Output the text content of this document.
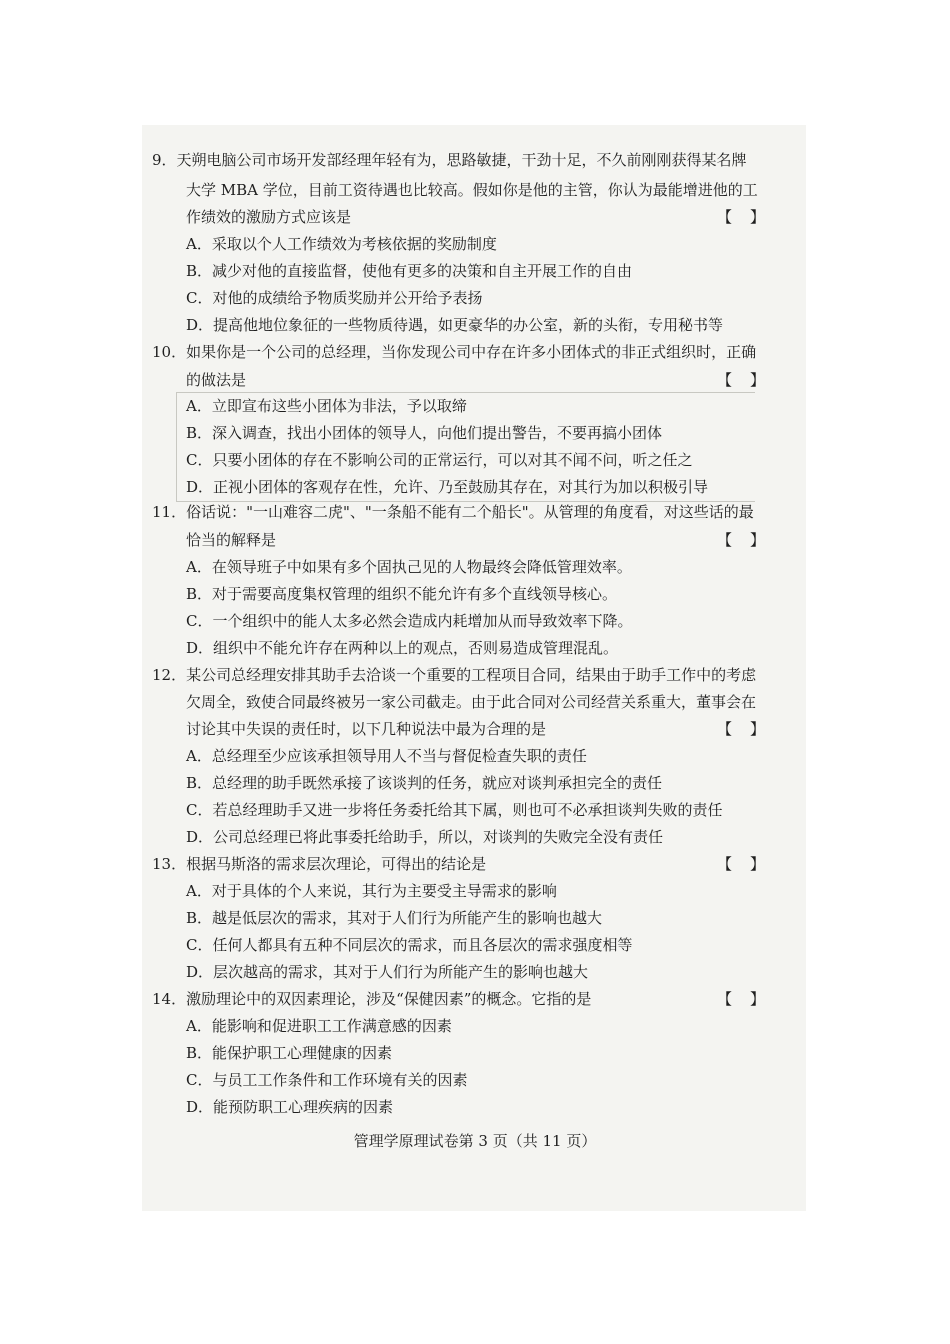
9．天朔电脑公司市场开发部经理年轻有为，思路敏捷，干劲十足，不久前刚刚获得某名牌
大学 MBA 学位，目前工资待遇也比较高。假如你是他的主管，你认为最能增进他的工
作绩效的激励方式应该是	【】
A．采取以个人工作绩效为考核依据的奖励制度
B．减少对他的直接监督，使他有更多的决策和自主开展工作的自由
C．对他的成绩给予物质奖励并公开给予表扬
D．提高他地位象征的一些物质待遇，如更豪华的办公室，新的头衔，专用秘书等
10．如果你是一个公司的总经理，当你发现公司中存在许多小团体式的非正式组织时，正确
的做法是	【】
A．立即宣布这些小团体为非法，予以取缔
B．深入调查，找出小团体的领导人，向他们提出警告，不要再搞小团体
C．只要小团体的存在不影响公司的正常运行，可以对其不闻不问，听之任之
D．正视小团体的客观存在性，允许、乃至鼓励其存在，对其行为加以积极引导
11．俗话说："一山难容二虎"、"一条船不能有二个船长"。从管理的角度看，对这些话的最
恰当的解释是	【】
A．在领导班子中如果有多个固执己见的人物最终会降低管理效率。
B．对于需要高度集权管理的组织不能允许有多个直线领导核心。
C．一个组织中的能人太多必然会造成内耗增加从而导致效率下降。
D．组织中不能允许存在两种以上的观点，否则易造成管理混乱。
12．某公司总经理安排其助手去洽谈一个重要的工程项目合同，结果由于助手工作中的考虑
欠周全，致使合同最终被另一家公司截走。由于此合同对公司经营关系重大，董事会在
讨论其中失误的责任时，以下几种说法中最为合理的是	【】
A．总经理至少应该承担领导用人不当与督促检查失职的责任
B．总经理的助手既然承接了该谈判的任务，就应对谈判承担完全的责任
C．若总经理助手又进一步将任务委托给其下属，则也可不必承担谈判失败的责任
D．公司总经理已将此事委托给助手，所以，对谈判的失败完全没有责任
13．根据马斯洛的需求层次理论，可得出的结论是	【】
A．对于具体的个人来说，其行为主要受主导需求的影响
B．越是低层次的需求，其对于人们行为所能产生的影响也越大
C．任何人都具有五种不同层次的需求，而且各层次的需求强度相等
D．层次越高的需求，其对于人们行为所能产生的影响也越大
14．激励理论中的双因素理论，涉及“保健因素”的概念。它指的是	【】
A．能影响和促进职工工作满意感的因素
B．能保护职工心理健康的因素
C．与员工工作条件和工作环境有关的因素
D．能预防职工心理疾病的因素
管理学原理试卷第 3 页（共 11 页）
